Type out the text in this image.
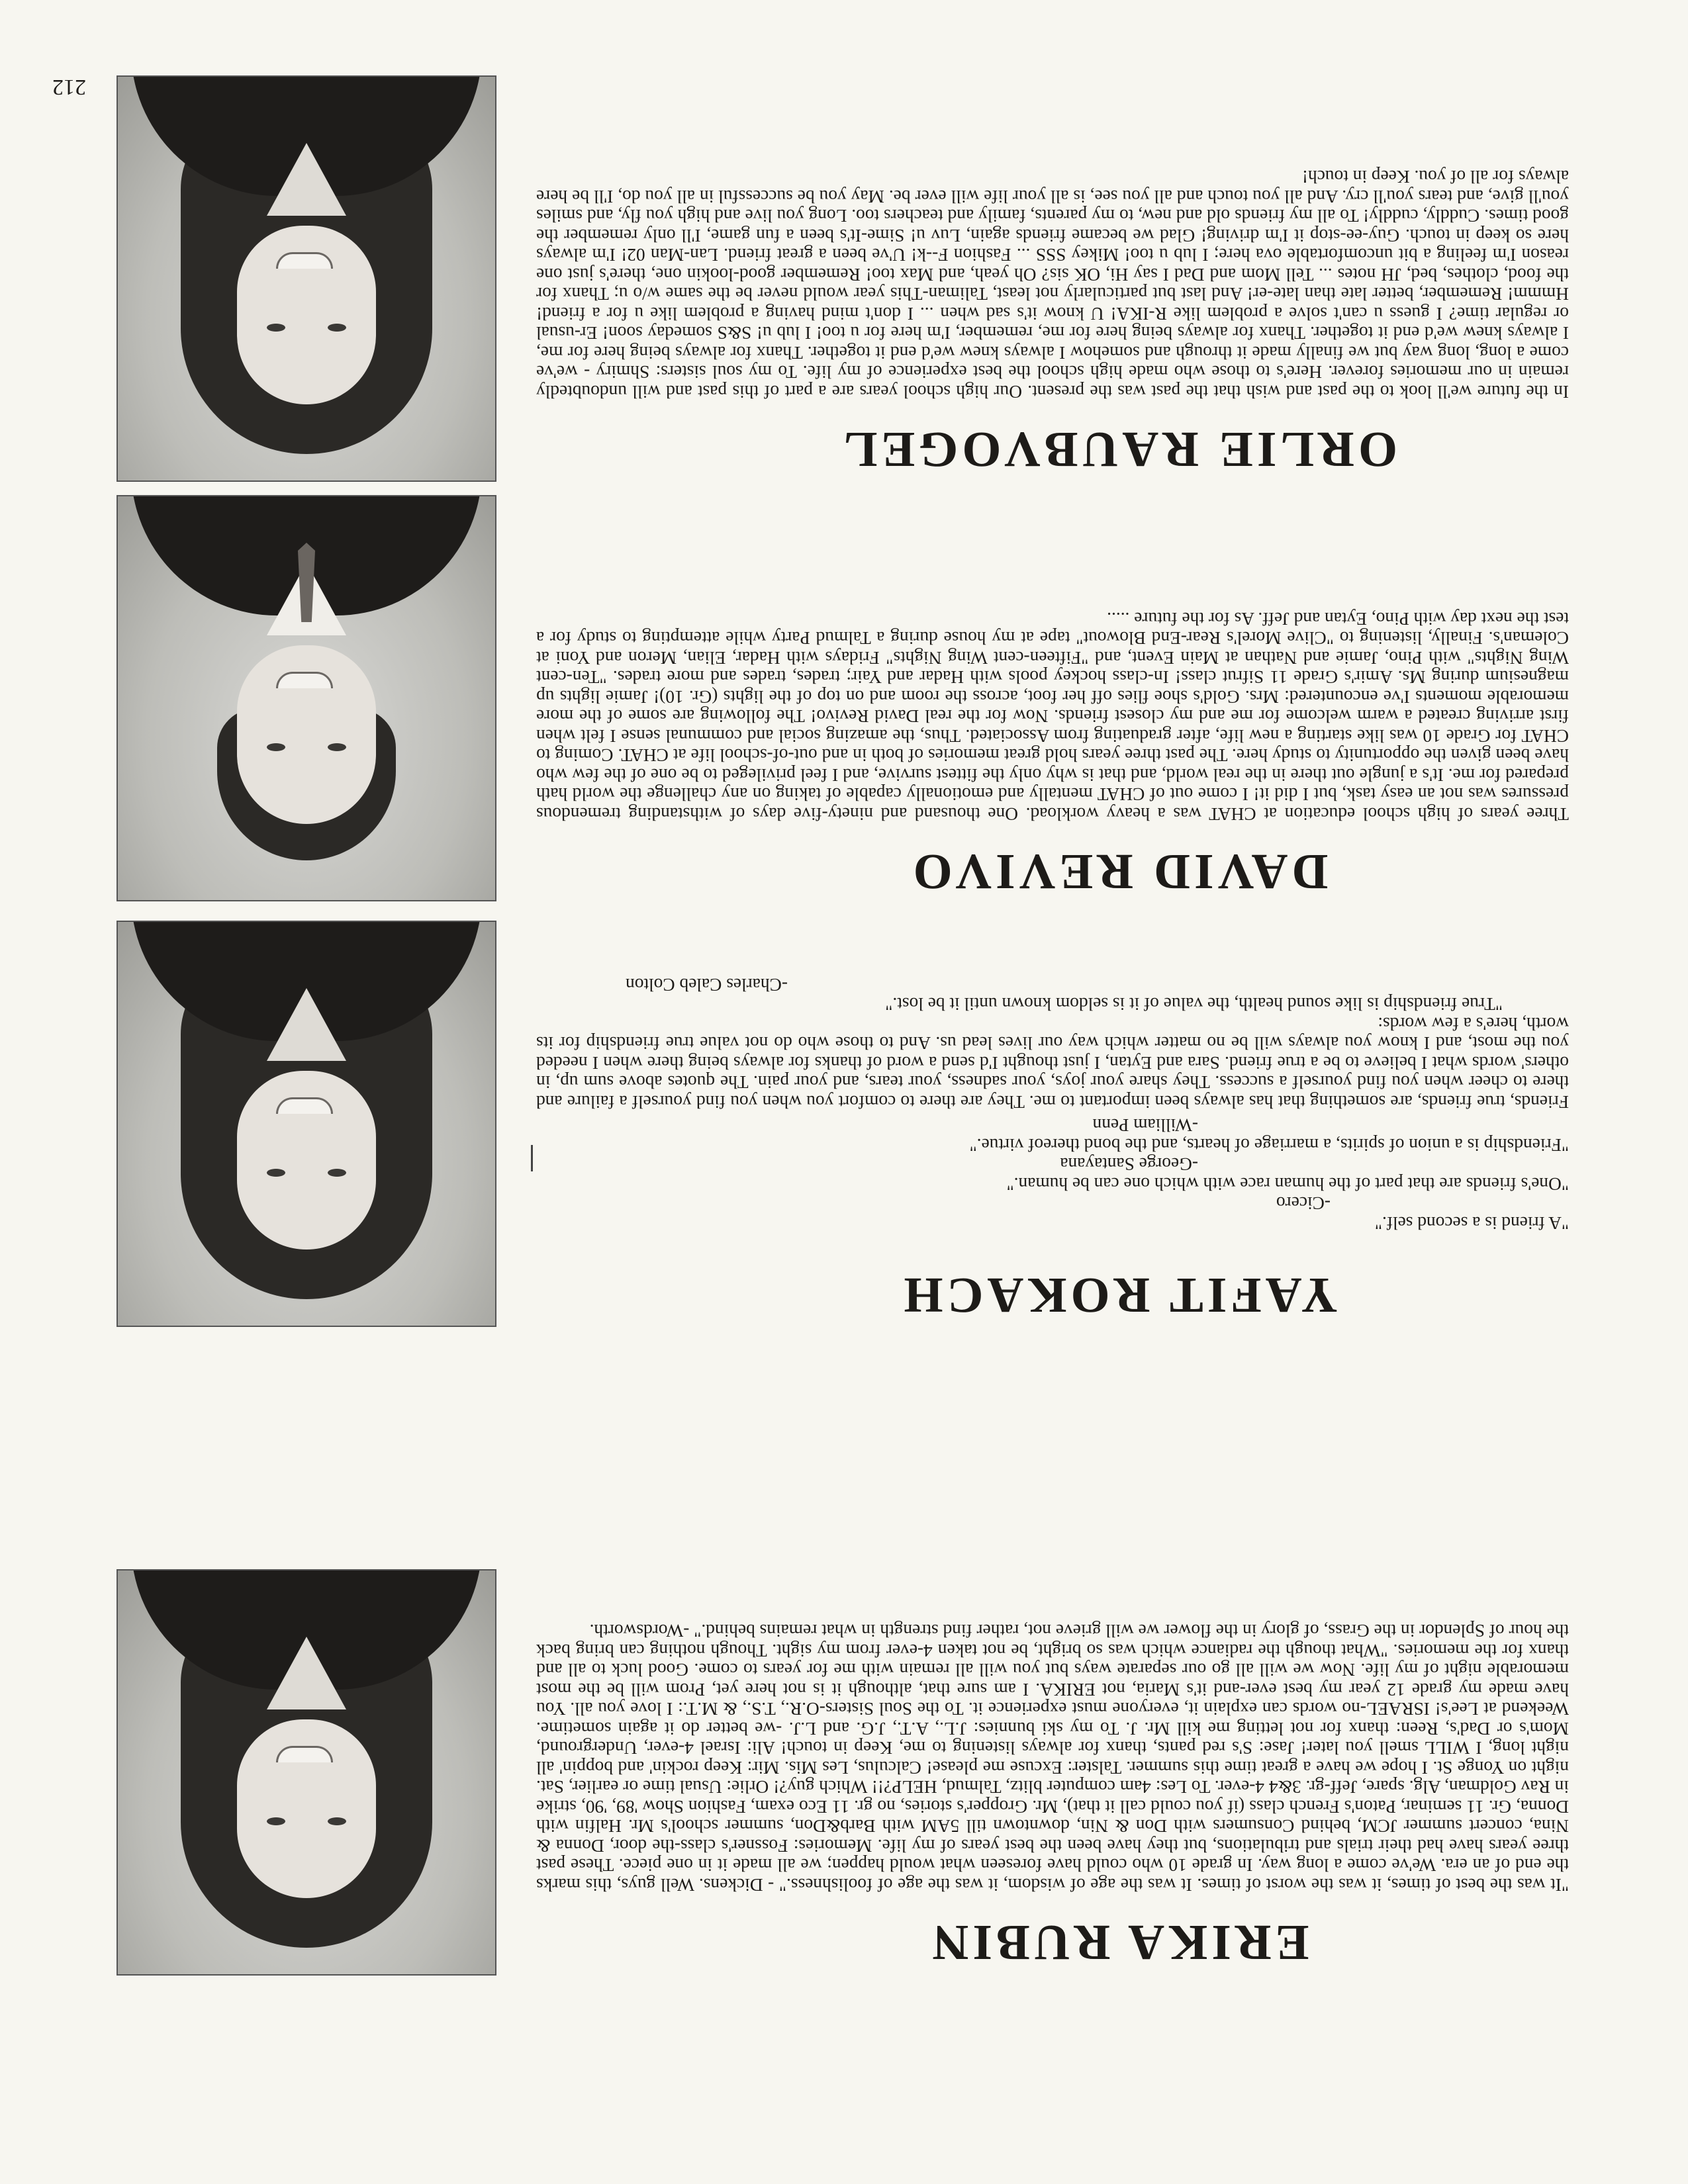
ERIKA RUBIN

"It was the best of times, it was the worst of times. It was the age of wisdom, it was the age of foolishness." - Dickens. Well guys, this marks the end of an era. We've come a long way. In grade 10 who could have foreseen what would happen; we all made it in one piece. These past three years have had their trials and tribulations, but they have been the best years of my life. Memories: Fossner's class-the door, Donna & Nina, concert summer JCM, behind Consumers with Don & Nin, downtown till 5AM with Barb&Don, summer school's Mr. Halfin with Donna, Gr. 11 seminar, Paton's French class (if you could call it that), Mr. Gropper's stories, no gr. 11 Eco exam, Fashion Show '89, '90, strike in Rav Goldman, Alg. spare, Jeff-gr. 3&4 4-ever. To Les: 4am computer blitz, Talmud, HELP?!! Which guy?! Orlie: Usual time or earlier, Sat. night on Yonge St. I hope we have a great time this summer. Talster: Excuse me please! Calculus, Les Mis. Mir: Keep rockin' and boppin' all night long, I WILL smell you later! Jase: S's red pants, thanx for always listening to me, Keep in touch! Ali: Israel 4-ever, Underground, Mom's or Dad's, Reen: thanx for not letting me kill Mr. J. To my ski bunnies: J.L., A.T., J.G. and L.J. -we better do it again sometime. Weekend at Lee's! ISRAEL-no words can explain it, everyone must experience it. To the Soul Sisters-O.R., T.S., & M.T.: I love you all. You have made my grade 12 year my best ever-and it's Maria, not ERIKA. I am sure that, although it is not here yet, Prom will be the most memorable night of my life. Now we will all go our separate ways but you will all remain with me for years to come. Good luck to all and thanx for the memories. "What though the radiance which was so bright, be not taken 4-ever from my sight. Though nothing can bring back the hour of Splendor in the Grass, of glory in the flower we will grieve not, rather find strength in what remains behind." -Wordsworth.

YAFIT ROKACH

"A friend is a second self."

-Cicero

"One's friends are that part of the human race with which one can be human."

-George Santayana

"Friendship is a union of spirits, a marriage of hearts, and the bond thereof virtue."

-William Penn

Friends, true friends, are something that has always been important to me. They are there to comfort you when you find yourself a failure and there to cheer when you find yourself a success. They share your joys, your sadness, your tears, and your pain. The quotes above sum up, in others' words what I believe to be a true friend. Sara and Eytan, I just thought I'd send a word of thanks for always being there when I needed you the most, and I know you always will be no matter which way our lives lead us. And to those who do not value true friendship for its worth, here's a few words:

"True friendship is like sound health, the value of it is seldom known until it be lost."

-Charles Caleb Colton

DAVID REVIVO

Three years of high school education at CHAT was a heavy workload. One thousand and ninety-five days of withstanding tremendous pressures was not an easy task, but I did it! I come out of CHAT mentally and emotionally capable of taking on any challenge the world hath prepared for me. It's a jungle out there in the real world, and that is why only the fittest survive, and I feel privileged to be one of the few who have been given the opportunity to study here. The past three years hold great memories of both in and out-of-school life at CHAT. Coming to CHAT for Grade 10 was like starting a new life, after graduating from Associated. Thus, the amazing social and communal sense I felt when first arriving created a warm welcome for me and my closest friends. Now for the real David Revivo! The following are some of the more memorable moments I've encountered: Mrs. Gold's shoe flies off her foot, across the room and on top of the lights (Gr. 10)! Jamie lights up magnesium during Ms. Amir's Grade 11 Sifrut class! In-class hockey pools with Hadar and Yair; trades, trades and more trades. "Ten-cent Wing Nights" with Pino, Jamie and Nathan at Main Event, and "Fifteen-cent Wing Nights" Fridays with Hadar, Elian, Meron and Yoni at Coleman's. Finally, listening to "Clive Morel's Rear-End Blowout" tape at my house during a Talmud Party while attempting to study for a test the next day with Pino, Eytan and Jeff. As for the future .....

ORLIE RAUBVOGEL

In the future we'll look to the past and wish that the past was the present. Our high school years are a part of this past and will undoubtedly remain in our memories forever. Here's to those who made high school the best experience of my life. To my soul sisters: Shmiry - we've come a long, long way but we finally made it through and somehow I always knew we'd end it together. Thanx for always being here for me, I always knew we'd end it together. Thanx for always being here for me, remember, I'm here for u too! I lub u! S&S someday soon! Er-usual or regular time? I guess u can't solve a problem like R-IKA! U know it's sad when ... I don't mind having a problem like u for a friend! Hmmm! Remember, better late than late-er! And last but particularly not least, Taliman-This year would never be the same w/o u; Thanx for the food, clothes, bed, JH notes ... Tell Mom and Dad I say Hi, OK sis? Oh yeah, and Max too! Remember good-lookin one, there's just one reason I'm feeling a bit uncomfortable ova here; I lub u too! Mikey SSS ... Fashion F--k! U've been a great friend. Lan-Man 02! I'm always here so keep in touch. Guy-ee-stop it I'm driving! Glad we became friends again, Luv u! Sime-It's been a fun game, I'll only remember the good times. Cuddly, cuddly! To all my friends old and new, to my parents, family and teachers too. Long you live and high you fly, and smiles you'll give, and tears you'll cry. And all you touch and all you see, is all your life will ever be. May you be successful in all you do, I'll be here always for all of you. Keep in touch!

212
